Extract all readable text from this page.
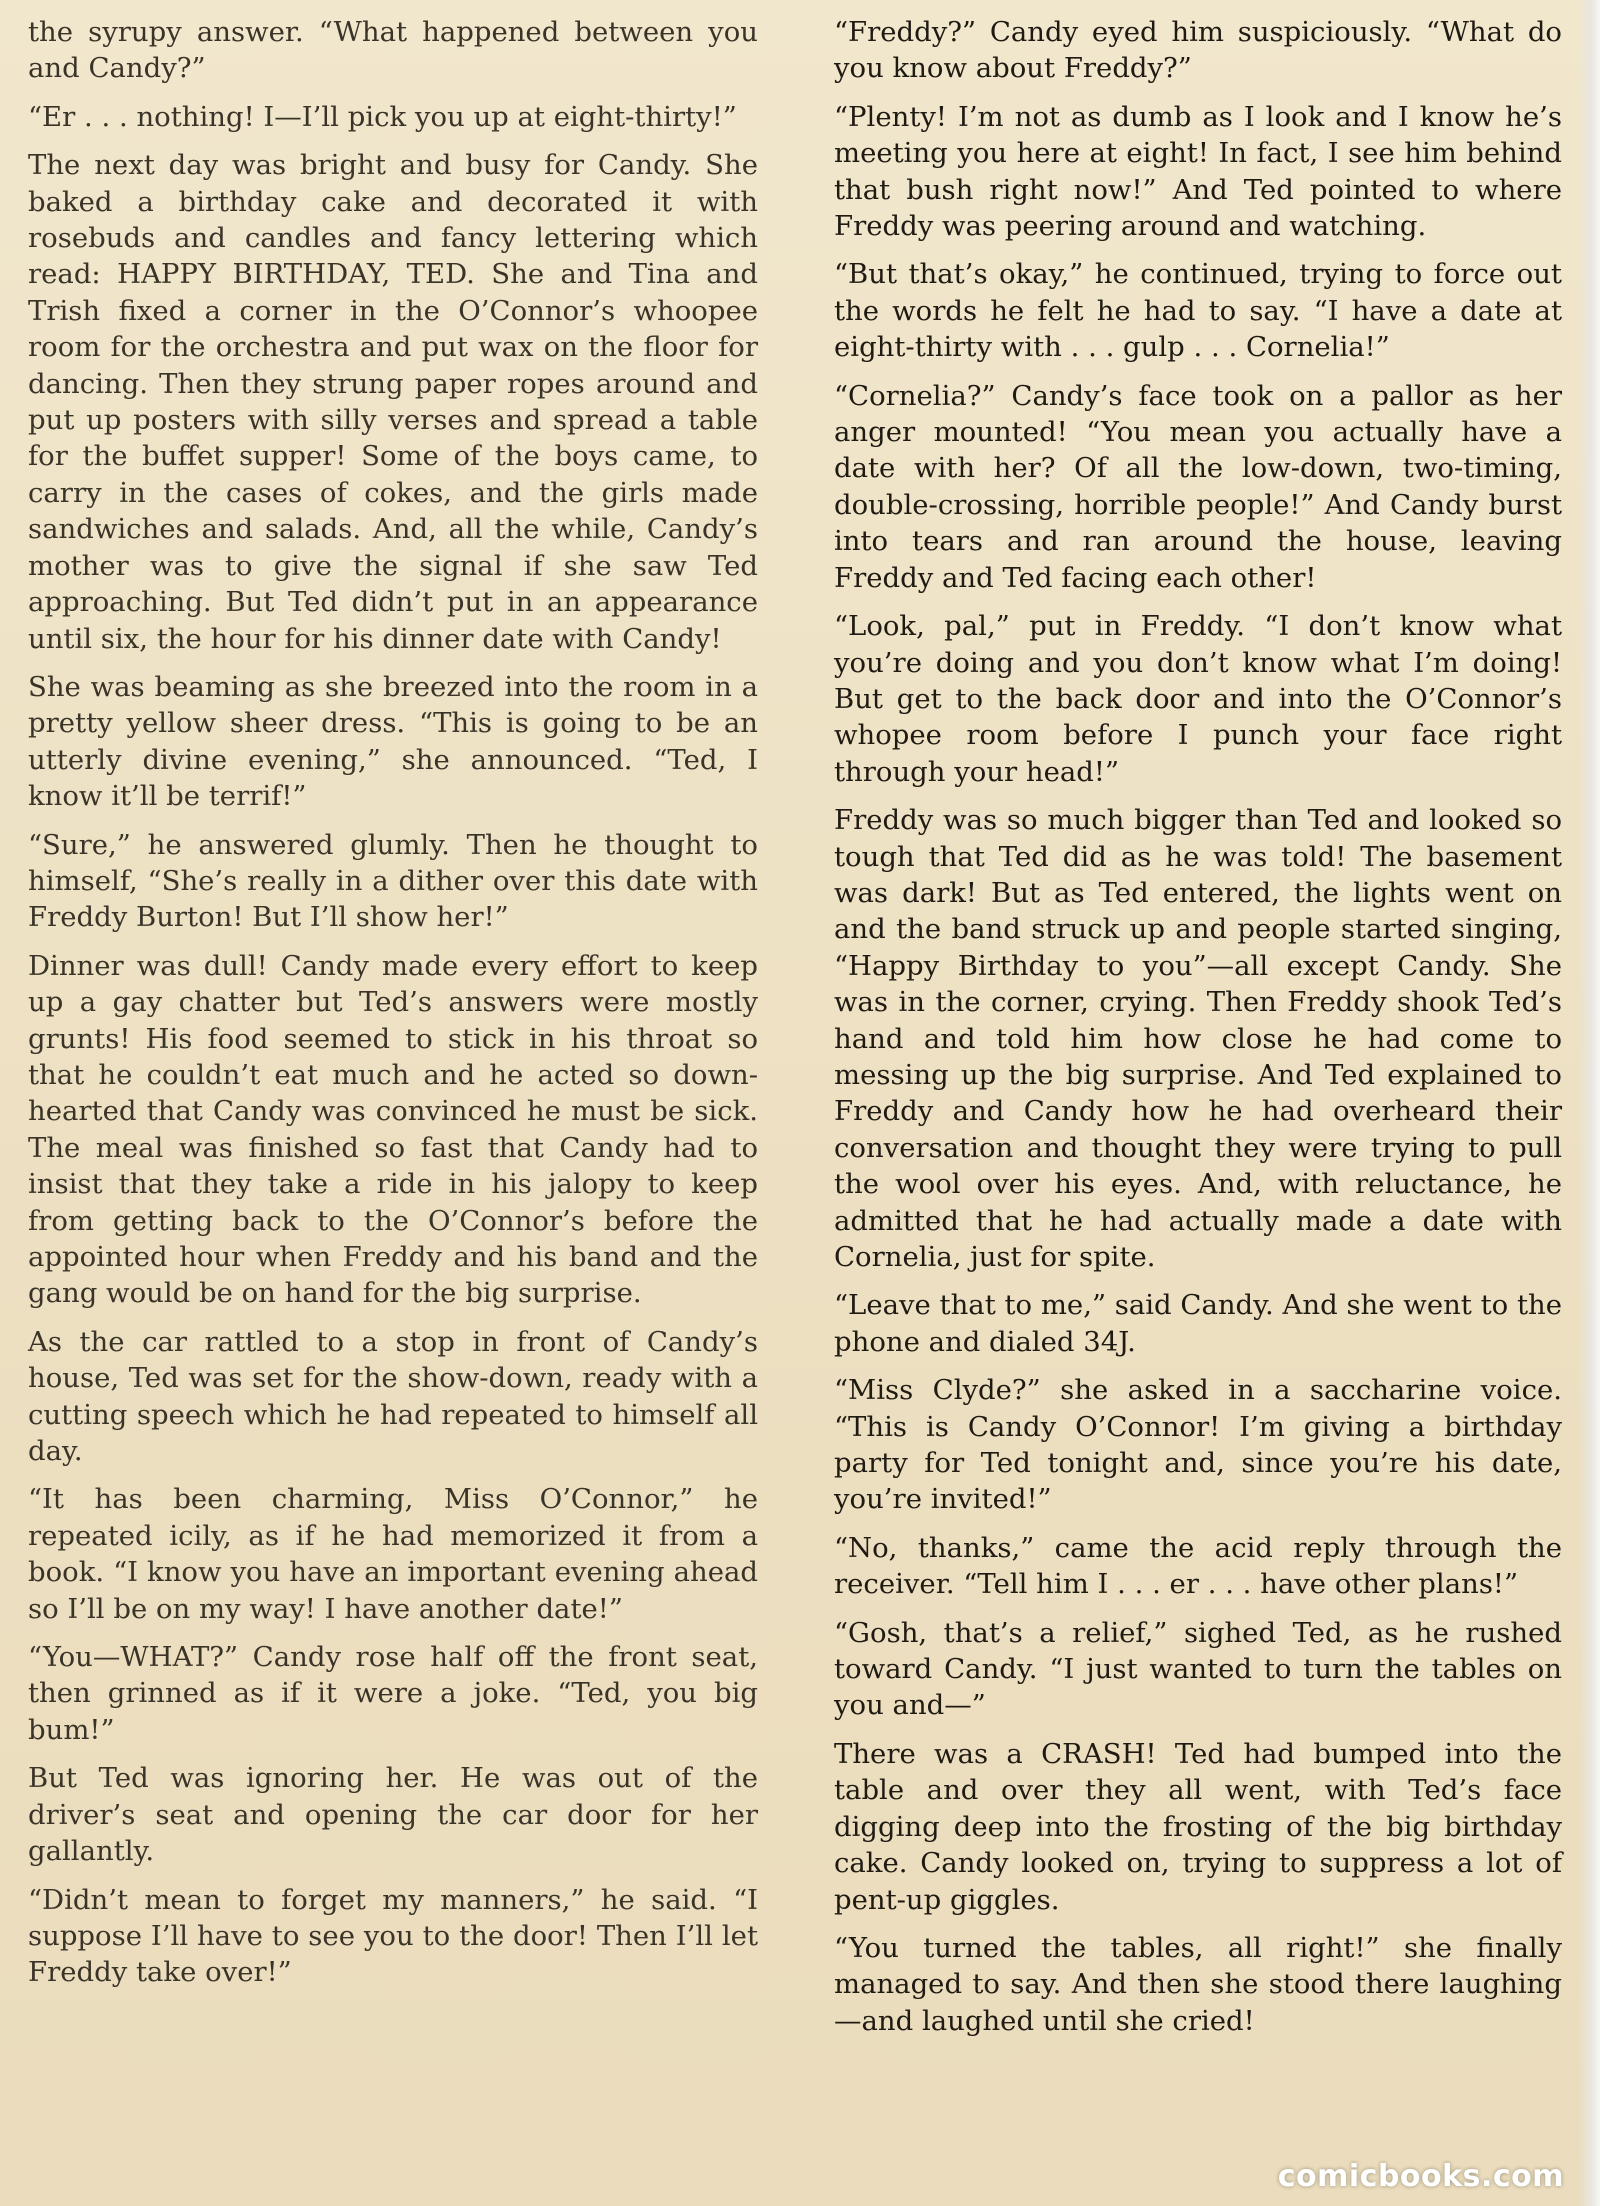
the syrupy answer. “What happened between you and Candy?”

“Er . . . nothing! I—I’ll pick you up at eight-thirty!”

The next day was bright and busy for Candy. She baked a birthday cake and decorated it with rosebuds and candles and fancy lettering which read: HAPPY BIRTHDAY, TED. She and Tina and Trish fixed a corner in the O’Connor’s whoopee room for the orchestra and put wax on the floor for dancing. Then they strung paper ropes around and put up posters with silly verses and spread a table for the buffet supper! Some of the boys came, to carry in the cases of cokes, and the girls made sandwiches and salads. And, all the while, Candy’s mother was to give the signal if she saw Ted approaching. But Ted didn’t put in an appearance until six, the hour for his dinner date with Candy!

She was beaming as she breezed into the room in a pretty yellow sheer dress. “This is going to be an utterly divine evening,” she announced. “Ted, I know it’ll be terrif!”

“Sure,” he answered glumly. Then he thought to himself, “She’s really in a dither over this date with Freddy Burton! But I’ll show her!”

Dinner was dull! Candy made every effort to keep up a gay chatter but Ted’s answers were mostly grunts! His food seemed to stick in his throat so that he couldn’t eat much and he acted so down-hearted that Candy was convinced he must be sick. The meal was finished so fast that Candy had to insist that they take a ride in his jalopy to keep from getting back to the O’Connor’s before the appointed hour when Freddy and his band and the gang would be on hand for the big surprise.

As the car rattled to a stop in front of Candy’s house, Ted was set for the show-down, ready with a cutting speech which he had repeated to himself all day.

“It has been charming, Miss O’Connor,” he repeated icily, as if he had memorized it from a book. “I know you have an important evening ahead so I’ll be on my way! I have another date!”

“You—WHAT?” Candy rose half off the front seat, then grinned as if it were a joke. “Ted, you big bum!”

But Ted was ignoring her. He was out of the driver’s seat and opening the car door for her gallantly.

“Didn’t mean to forget my manners,” he said. “I suppose I’ll have to see you to the door! Then I’ll let Freddy take over!”

“Freddy?” Candy eyed him suspiciously. “What do you know about Freddy?”

“Plenty! I’m not as dumb as I look and I know he’s meeting you here at eight! In fact, I see him behind that bush right now!” And Ted pointed to where Freddy was peering around and watching.

“But that’s okay,” he continued, trying to force out the words he felt he had to say. “I have a date at eight-thirty with . . . gulp . . . Cornelia!”

“Cornelia?” Candy’s face took on a pallor as her anger mounted! “You mean you actually have a date with her? Of all the low-down, two-timing, double-crossing, horrible people!” And Candy burst into tears and ran around the house, leaving Freddy and Ted facing each other!

“Look, pal,” put in Freddy. “I don’t know what you’re doing and you don’t know what I’m doing! But get to the back door and into the O’Connor’s whopee room before I punch your face right through your head!”

Freddy was so much bigger than Ted and looked so tough that Ted did as he was told! The basement was dark! But as Ted entered, the lights went on and the band struck up and people started singing, “Happy Birthday to you”—all except Candy. She was in the corner, crying. Then Freddy shook Ted’s hand and told him how close he had come to messing up the big surprise. And Ted explained to Freddy and Candy how he had overheard their conversation and thought they were trying to pull the wool over his eyes. And, with reluctance, he admitted that he had actually made a date with Cornelia, just for spite.

“Leave that to me,” said Candy. And she went to the phone and dialed 34J.

“Miss Clyde?” she asked in a saccharine voice. “This is Candy O’Connor! I’m giving a birthday party for Ted tonight and, since you’re his date, you’re invited!”

“No, thanks,” came the acid reply through the receiver. “Tell him I . . . er . . . have other plans!”

“Gosh, that’s a relief,” sighed Ted, as he rushed toward Candy. “I just wanted to turn the tables on you and—”

There was a CRASH! Ted had bumped into the table and over they all went, with Ted’s face digging deep into the frosting of the big birthday cake. Candy looked on, trying to suppress a lot of pent-up giggles.

“You turned the tables, all right!” she finally managed to say. And then she stood there laughing—and laughed until she cried!

comicbooks.com
